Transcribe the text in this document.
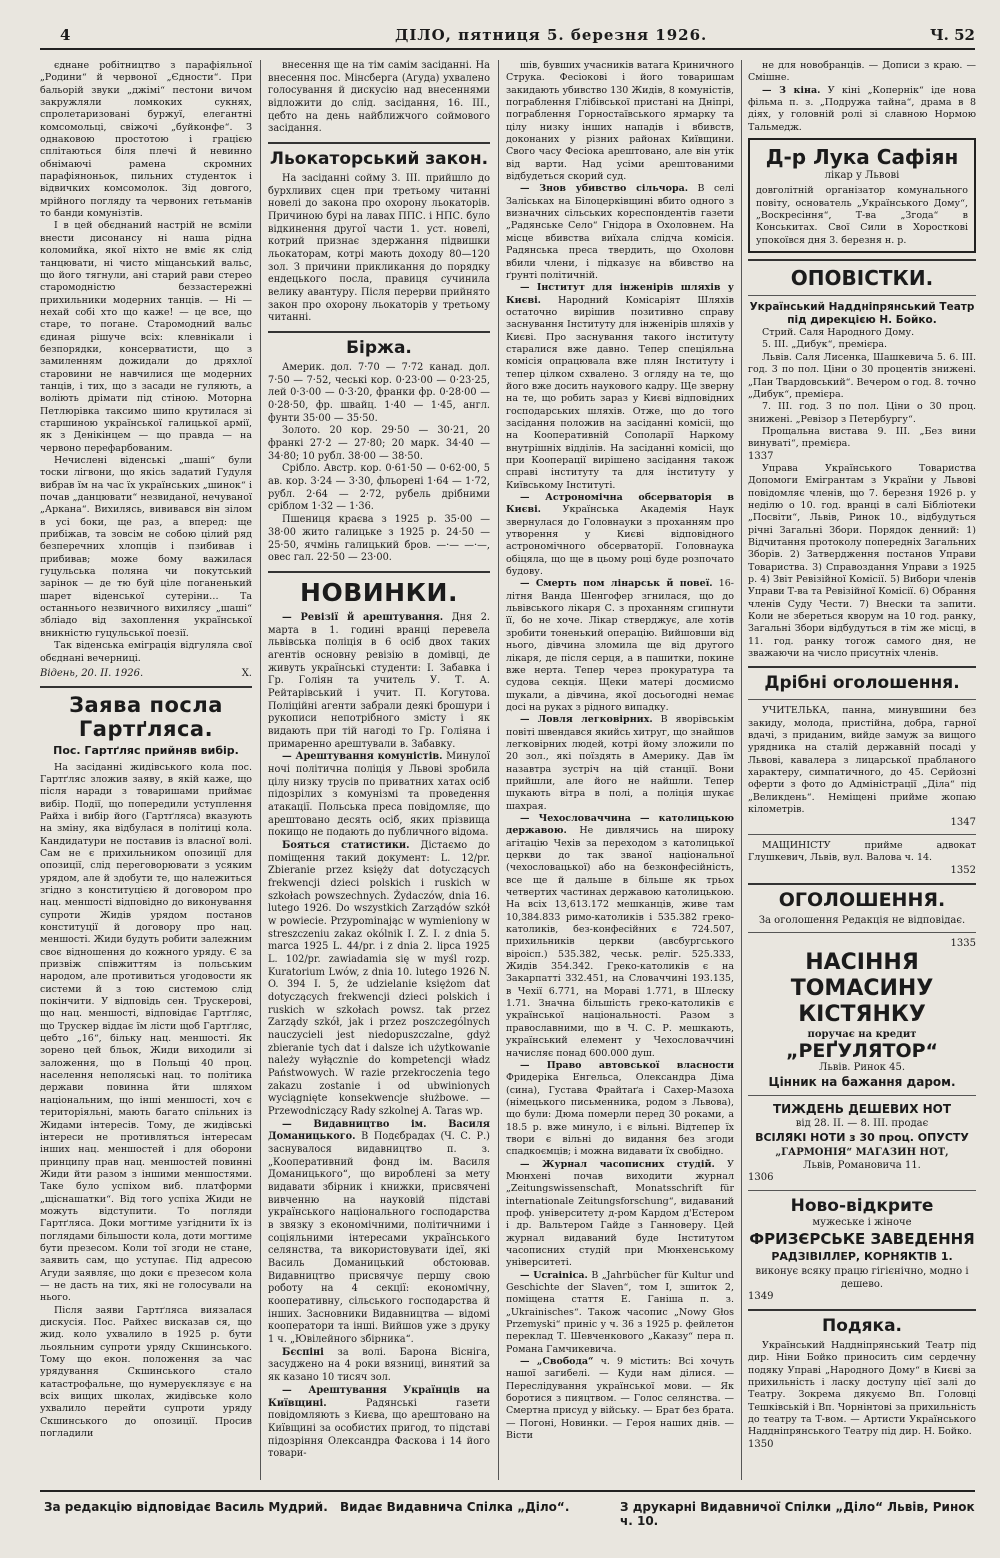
4	ДІЛО, пятниця 5. березня 1926.	Ч. 52

єднане робітництво з парафіяльної „Родини“ й червоної „Єдности“. При бальорій звуки „джімі“ пестони вичом закружляли ломкоких сукнях, спролетаризовані буржуї, елегантні комсомольці, свіжочі „буйконфе“. З однаковою простотою і грацією сплітаються біля плечі й невинно обнімаючі рамена скромних парафіяноньок, пильних студенток і відвичких комсомолок. Зід довгого, мрійного погляду та червоних гетьманів то банди комунізтів.

І в цей обєднаний настрій не всміли внести дисонансу ні наша рідна коломийка, якої ніхто не вміє як слід танцювати, ні чисто міщанський вальс, що його тягнули, ані старий рави стерео старомодністю беззастережні прихильники модерних танців. — Ні — нехай собі хто що каже! — це все, що старе, то погане. Старомодний вальс єдиная рішуче всіх: клевнікали і безпорядки, консерватисти, що з замиленням дожидали до дряхлої старовини не навчилися ще модерних танців, і тих, що з засади не гуляють, а воліють дрімати під стіною. Моторна Петлюрівка таксимо шипо крутилася зі старшиною української галицької армії, як з Денікінцем — що правда — на червоно перефарбованим.

Нечислені віденські „шаші“ були тоски лігвони, що якісь задатий Гудуля вибрав їм на час їх українських „шинок“ і почав „данцювати“ незвиданої, нечуваної „Аркана“. Вихилясь, вививався він зілом в усі боки, ще раз, а вперед: ще прибіжав, та зовсім не собою цілий ряд безперечних хлопців і пзибивав і прибивав; може бому важилася гуцульська поляна чи покутський зарінок — де тю буй ціле поганенький шарет віденської сутеріни… Та останнього незвичного вихилясу „шаші“ збліадо від захоплення української вникністю гуцульської поезії.

Так віденська еміграція відгуляла свої обєднані вечерниці.

Відень, 20. II. 1926.	Х.
Заява посла Гартґляса.
Пос. Гартґляс прийняв вибір.

На засіданні жидівського кола пос. Гартґляс зложив заяву, в якій каже, що після наради з товаришами приймає вибір. Події, що попередили уступлення Райха і вибір його (Гартґляса) вказують на зміну, яка відбулася в політиці кола. Кандидатури не поставив із власної волі. Сам не є прихильником опозиції для опозиції, слід переговорювати з усяким урядом, але й здобути те, що належиться згідно з конституцією й договором про нац. меншості відповідно до виконування супроти Жидів урядом постанов конституції й договору про нац. меншості. Жиди будуть робити залежним своє відношення до кожного уряду. Є за призвіж співжиттям із польським народом, але противиться угодовости як системи й з тою системою слід покінчити. У відповідь сен. Трускерові, що нац. меншості, відповідає Гартґляс, що Трускер віддає їм лісти щоб Гартґляс, цебто „16“, більку нац. меншості. Як зорено цей бльок, Жиди виходили зі заложення, що в Польщі 40 проц. населення неполяські нац. то політика держави повинна йти шляхом національним, що інші меншості, хоч є територіяльні, мають багато спільних із Жидами інтересів. Тому, де жидівські інтереси не противляться інтересам інших нац. меншостей і для оборони принципу прав нац. меншостей повинні Жиди йти разом з іншими меншостями. Таке було успіхом виб. платформи „щіснашатки“. Від того успіха Жиди не можуть відступити. То погляди Гартґляса. Доки могтиме узгіднити їх із поглядами більшости кола, доти могтиме бути презесом. Коли тої згоди не стане, заявить сам, що уступає. Під адресою Агуди заявляє, що доки є презесом кола — не дасть на тих, які не голосували на нього.

Після заяви Гартґляса виязалася дискусія. Пос. Райхес висказав ся, що жид. коло ухвалило в 1925 р. бути льояльним супроти уряду Скшинського. Тому що екон. положення за час урядування Скшинського стало катастрофальне, що нумеруєклязує є на всіх вищих школах, жидівське коло ухвалило перейти супроти уряду Скшинського до опозиції. Просив погладили

внесення ще на тім самім засіданні. На внесення пос. Мінсберга (Агуда) ухвалено голосування й дискусію над внесеннями відложити до слід. засідання, 16. III., цебто на день найближчого соймового засідання.

Льокаторський закон.

На засіданні сойму 3. III. прийшло до бурхливих сцен при третьому читанні новелі до закона про охорону льокаторів. Причиною бурі на лавах ППС. і НПС. було відкинення другої части 1. уст. новелі, котрий признає здержання підвишки льокаторам, котрі мають доходу 80—120 зол. З причини прикликання до порядку ендецького посла, правиця сучинила велику авантуру. Після перерви прийнято закон про охорону льокаторів у третьому читанні.

Біржа.

Америк. дол. 7·70 — 7·72 канад. дол. 7·50 — 7·52, чеські кор. 0·23·00 — 0·23·25, лей 0·3·00 — 0·3·20, франки фр. 0·28·00 — 0·28·50, фр. швайц. 1·40 — 1·45, англ. фунти 35·00 — 35·50.

Золото. 20 кор. 29·50 — 30·21, 20 франкі 27·2 — 27·80; 20 марк. 34·40 — 34·80; 10 рубл. 38·00 — 38·50.

Срібло. Австр. кор. 0·61·50 — 0·62·00, 5 ав. кор. 3·24 — 3·30, фльорені 1·64 — 1·72, рубл. 2·64 — 2·72, рубель дрібними сріблом 1·32 — 1·36.

Пшениця краєва з 1925 р. 35·00 — 38·00 жито галицьке з 1925 р. 24·50 — 25·50, ячмінь галицький бров. —·— —·—, овес гал. 22·50 — 23·00.

НОВИНКИ.

— Ревізії й арештування. Дня 2. марта в 1. годині вранці перевела львівська поліція в 6 осіб двох таких агентів основну ревізію в домівці, де живуть українські студенти: І. Забавка і Гр. Голіян та учитель У. Т. А. Рейтарівський і учит. П. Когутова. Поліційні агенти забрали деякі брошури і рукописи непотрібного змісту і як видають при тій нагоді то Гр. Голіяна і примаренно арештували в. Забавку.

— Арештування комуністів. Минулої ночі політична поліція у Львові зробила цілу низку трусів по приватних хатах осіб підозрілих з комунізмі та проведення атакації. Польська преса повідомляє, що арештовано десять осіб, яких прізвища покищо не подають до публичного відома.

Бояться статистики. Дістаємо до поміщення такий документ: L. 12/pr. Zbieranie przez księży dat dotyczących frekwencji dzieci polskich i ruskich w szkołach powszechnych. Żydaczów, dnia 16. lutego 1926. Do wszystkich Zarządów szkół w powiecie. Przypominając w wymieniony w streszczeniu zakaz okólnik I. Z. I. z dnia 5. marca 1925 L. 44/pr. i z dnia 2. lipca 1925 L. 102/pr. zawiadamia się w myśl rozp. Kuratorium Lwów, z dnia 10. lutego 1926 N. O. 394 I. 5, że udzielanie księżom dat dotyczących frekwencji dzieci polskich i ruskich w szkołach powsz. tak przez Zarządy szkół, jak i przez poszczególnych nauczycieli jest niedopuszczalne, gdyż zbieranie tych dat i dalsze ich użytkowanie należy wyłącznie do kompetencji władz Państwowych. W razie przekroczenia tego zakazu zostanie i od ubwinionych wyciągnięte konsekwencje służbowe. — Przewodniczący Rady szkolnej A. Taras wp.

— Видавництво ім. Василя Доманицького. В Подєбрадах (Ч. С. Р.) заснувалося видавництво п. з. „Кооперативний фонд ім. Василя Доманицького“, що вироблені за мету видавати збірник і книжки, присвячені вивченню на науковій підставі українського національного господарства в звязку з економічними, політичними і соціяльними інтересами українського селянства, та використовувати ідеї, які Василь Доманицький обстоював. Видавництво присвячує першу свою роботу на 4 секції: економічну, кооперативну, сільського господарства й інших. Засновники Видавництва — відомі кооператори та інші. Вийшов уже з друку 1 ч. „Ювілейного збірника“.

Бєспіні за волі. Барона Вісніга, засуджено на 4 роки вязниці, винятий за як казано 10 тисяч зол.

— Арештування Українців на Київщині.	Радянські газети повідомляють з Києва, що арештовано на Київщині за особистих пригод, то підставі підозріння Олександра Фаскова і 14 його товари-

шів, бувших учасників ватага Криничного Струка. Фесіокові і його товаришам закидають убивство 130 Жидів, 8 комуністів, пограблення Глібівської пристані на Дніпрі, пограблення Горностаївського ярмарку та цілу низку інших нападів і вбивств, доконаних у різних районах Київщини. Свого часу Фесіока арештовано, але він утік від варти. Над усіми арештованими відбудеться скорий суд.

— Знов убивство сільчора. В селі Заліськах на Білоцерківщині вбито одного з визначних сільських кореспондентів газети „Радянське Село“ Гнідора в Охоловнем. На місце вбивства виїхала слідча комісія. Радянська преса твердить, що Охоловн вбили члени, і підказує на вбивство на ґрунті політичній.

— Інститут для інженірів шляхів у Києві. Народний Комісаріят Шляхів остаточно вирішив позитивно справу заснування Інституту для інженірів шляхів у Києві. Про заснування такого інституту старалися вже давно. Тепер спеціяльна комісія опрацювала вже плян Інституту і тепер цілком схвалено. З огляду на те, що його вже досить наукового кадру. Ще зверну на те, що робить зараз у Києві відповідних господарських шляхів. Отже, що до того засідання положив на засіданні комісіі, що на Кооперативній Сополарії Наркому внутрішніх відділів. На засіданні комісіі, що при Кооперації вирішено засідання також справі інституту та для інституту у Київському Інституті.

— Астрономічна обсерваторія в Києві. Українська Академія Наук звернулася до Головнауки з проханням про утворення у Києві відповідного астрономічного обсерваторії. Головнаука обіцяла, що ще в цьому році буде розпочато будову.

— Смерть пом лінарськ й повеї. 16-літня Ванда Шенгофер згнилася, що до львівського лікаря С. з проханням сгипнути її, бо не хоче. Лікар стверджує, але хотів зробити тоненький операцію. Вийшовши від нього, дівчина зломила ще від другого лікаря, де після серця, а в пашитки, покине вже нерта. Тепер через прокуратура та судова секція. Щеки матері досмисмо шукали, а дівчина, якої досьогодні немає досі на руках з рідного випадку.

— Ловля легковірних. В яворівськім повіті швендався якийсь хитруг, що знайшов легковірних людей, котрі йому зложили по 20 зол., які поїздять в Америку. Дав їм назавтра зустріч на цій станції. Вони прийшли, але його не найшли. Тепер шукають вітра в полі, а поліція шукає шахрая.

— Чехословаччина — католицькою державою. Не дивлячись на широку агітацію Чехів за переходом з католицької церкви до так званої національної (чехословацької) або на безконфесійність, все ще й дальше в більше як трьох четвертих частинах державою католицькою. На всіх 13,613.172 мешканців, живе там 10,384.833 римо-католиків і 535.382 греко-католиків, без-конфесійних є 724.507, прихильників церкви (авсбургського віроісп.) 535.382, чеськ. реліг. 525.333, Жидів 354.342. Греко-католиків є на Закарпатті 332.451, на Словаччині 193.135, в Чехії 6.771, на Мораві 1.771, в Шлеску 1.71. Значна більшість греко-католиків є української національності. Разом з православними, що в Ч. С. Р. мешкають, український елемент у Чехословаччині начисляє понад 600.000 душ.

— Право автовської власности Фридеріка Енгельса, Олександра Діма (сина), Густава Фрайтаґа і Сахер-Мазоха (німецького письменника, родом з Львова), що були: Дюма померли перед 30 роками, а 18.5 р. вже минуло, і є вільні. Відтепер їх твори є вільні до видання без згоди спадкоємців; і можна видавати їх свобідно.

— Журнал часописних студій. У Мюнхені почав виходити журнал „Zeitungswissenschaft, Monatsschrift für internationale Zeitungsforschung“, видаваний проф. університету д-ром Кардом д'Естером і др. Вальтером Гайде з Ганноверу. Цей журнал видаваний буде Інститутом часописних студій при Мюнхенському університеті.

— Ucrainica. В „Jahrbücher für Kultur und Geschichte der Slaven“, том I, зшиток 2, поміщена стаття Е. Ганіша п. з. „Ukrainisches“. Також часопис „Nowy Głos Przemyski“ приніс у ч. 36 з 1925 р. фейлетон переклад Т. Шевченкового „Каказу“ пера п. Романа Гамчикевича.

— „Свобода“ ч. 9 містить: Всі хочуть нашої загибелі. — Куди нам ділися. — Переслідування української мови. — Як боротися з пияцтвом. — Голос селянства. — Смертна присуд у війську. — Брат без брата. — Погоні, Новинки. — Героя наших днів. — Вісти

не для новобранців. — Дописи з краю. — Смішне.

— З кіна. У кіні „Копернік“ іде нова фільма п. з. „Подружа тайна“, драма в 8 діях, у головній ролі зі славною Нормою Тальмедж.

Д-р Лука Сафіян
лікар у Львові

довголітній організатор комунального повіту, основатель „Українського Дому“, „Воскресіння“, Т-ва „Згода“ в Конськитах. Свої Сили в Хоросткові упокоївся дня 3. березня н. р.

ОПОВІСТКИ.
Український Наддніпрянський Театр під дирекцією Н. Бойко.

Стрий. Саля Народного Дому.

5. III. „Дибук“, премієра.

Львів. Саля Лисенка, Шашкевича 5. 6. III. год. 3 по пол. Ціни о 30 процентів знижені. „Пан Твардовський“. Вечером о год. 8. точно „Дибук“, премієра.

7. III. год. 3 по пол. Ціни о 30 проц. знижені. „Ревізор з Петербургу“.

Прощальна вистава 9. III. „Без вини винуваті“, премієра.

1337

Управа Українського Товариства Допомоги Емігрантам з України у Львові повідомляє членів, що 7. березня 1926 р. у неділю о 10. год. вранці в салі Бібліотеки „Посвіти“, Львів, Ринок 10., відбудуться річні Загальні Збори. Порядок денний: 1) Відчитання протоколу попередніх Загальних Зборів. 2) Затвердження постанов Управи Товариства. 3) Справоздання Управи з 1925 р. 4) Звіт Ревізійної Комісії. 5) Вибори членів Управи Т-ва та Ревізійної Комісії. 6) Обрання членів Суду Чести. 7) Внески та запити. Коли не збереться кворум на 10 год. ранку, Загальні Збори відбудуться в тім же місці, в 11. год. ранку тогож самого дня, не зважаючи на число присутніх членів.

Дрібні оголошення.

УЧИТЕЛЬКА, панна, минувшини без закиду, молода, пристійна, добра, гарної вдачі, з приданим, вийде замуж за вищого урядника на сталій державній посаді у Львові, кавалера з лицарської прабланого характеру, симпатичного, до 45. Серйозні оферти з фото до Адміністрації „Діла“ під „Великдень“. Неміщені прийме жопаю кілометрів.

1347

МАЩИНІСТУ прийме адвокат Глушкевич, Львів, вул. Валова ч. 14.

1352
ОГОЛОШЕННЯ.
За оголошення Редакція не відповідає.
1335
НАСІННЯ
ТОМАСИНУ
КІСТЯНКУ
поручає на кредит
„РЕҐУЛЯТОР“
Львів. Ринок 45.
Цінник на бажання даром.
ТИЖДЕНЬ ДЕШЕВИХ НОТ
від 28. II. — 8. III. продає
ВСІЛЯКІ НОТИ з 30 проц. ОПУСТУ
„ГАРМОНІЯ“ МАГАЗИН НОТ,
Львів, Романовича 11.
1306
Ново-відкрите
мужеське і жіноче
ФРИЗЄРСЬКЕ ЗАВЕДЕННЯ
РАДЗІВІЛЛЕР, КОРНЯКТІВ 1.
виконує всяку працю гігієнічно, модно і дешево.
1349
Подяка.

Український Наддніпрянський Театр під дир. Ніни Бойко приносить сим сердечну подяку Управі „Народного Дому“ в Києві за прихильність і ласку доступу цієї залі до Театру. Зокрема дякуємо Вп. Головці Тешківській і Вп. Чорнінтові за прихильність до театру та Т-вом. — Артисти Українського Наддніпрянського Театру під дир. Н. Бойко.

1350
За редакцію відповідає Василь Мудрий. Видає Видавнича Спілка „Діло“.	З друкарні Видавничої Спілки „Діло“ Львів, Ринок ч. 10.
